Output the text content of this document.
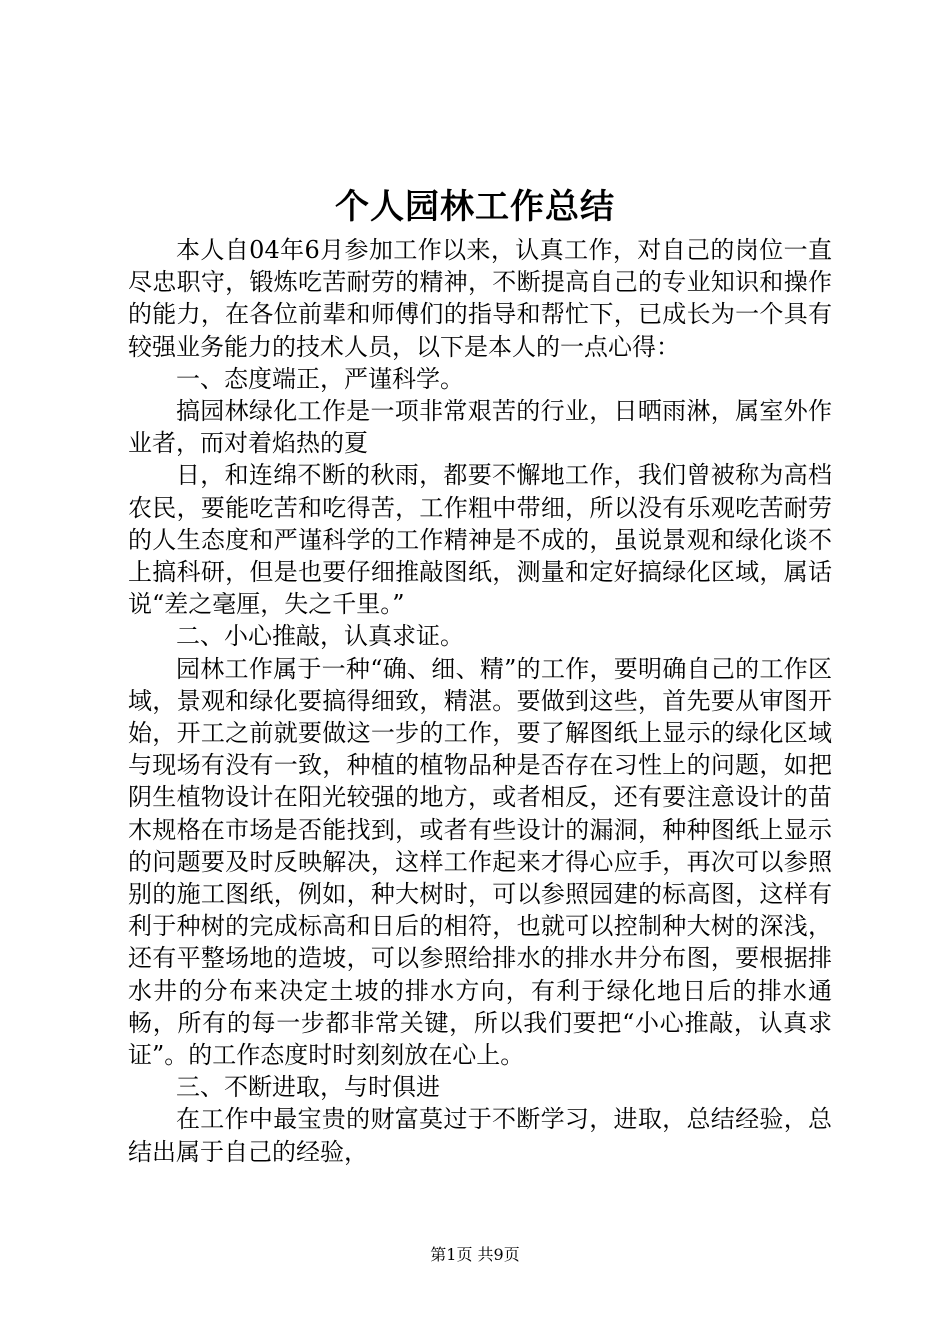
个人园林工作总结

本人自04年6月参加工作以来，认真工作，对自己的岗位一直尽忠职守，锻炼吃苦耐劳的精神，不断提高自己的专业知识和操作的能力，在各位前辈和师傅们的指导和帮忙下，已成长为一个具有较强业务能力的技术人员，以下是本人的一点心得：

一、态度端正，严谨科学。

搞园林绿化工作是一项非常艰苦的行业，日晒雨淋，属室外作业者，而对着焰热的夏

日，和连绵不断的秋雨，都要不懈地工作，我们曾被称为高档农民，要能吃苦和吃得苦，工作粗中带细，所以没有乐观吃苦耐劳的人生态度和严谨科学的工作精神是不成的，虽说景观和绿化谈不上搞科研，但是也要仔细推敲图纸，测量和定好搞绿化区域，属话说“差之毫厘，失之千里。”

二、小心推敲，认真求证。

园林工作属于一种“确、细、精”的工作，要明确自己的工作区域，景观和绿化要搞得细致，精湛。要做到这些，首先要从审图开始，开工之前就要做这一步的工作，要了解图纸上显示的绿化区域与现场有没有一致，种植的植物品种是否存在习性上的问题，如把阴生植物设计在阳光较强的地方，或者相反，还有要注意设计的苗木规格在市场是否能找到，或者有些设计的漏洞，种种图纸上显示的问题要及时反映解决，这样工作起来才得心应手，再次可以参照别的施工图纸，例如，种大树时，可以参照园建的标高图，这样有利于种树的完成标高和日后的相符，也就可以控制种大树的深浅，还有平整场地的造坡，可以参照给排水的排水井分布图，要根据排水井的分布来决定土坡的排水方向，有利于绿化地日后的排水通畅，所有的每一步都非常关键，所以我们要把“小心推敲，认真求证”。的工作态度时时刻刻放在心上。

三、不断进取，与时俱进

在工作中最宝贵的财富莫过于不断学习，进取，总结经验，总结出属于自己的经验，

第1页 共9页
